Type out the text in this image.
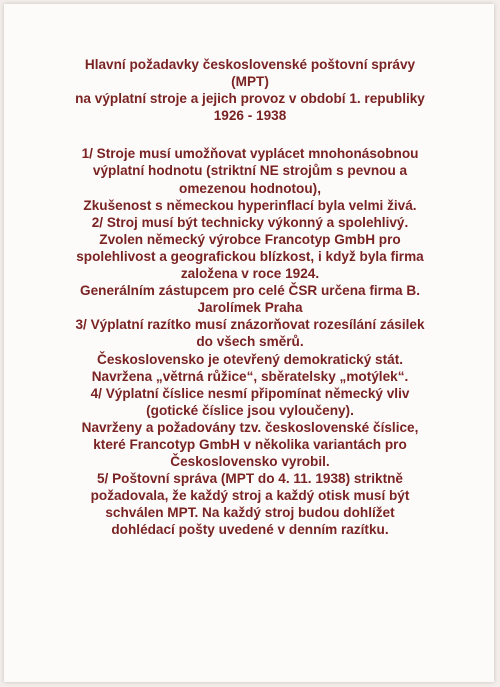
Hlavní požadavky československé poštovní správy

(MPT)

na výplatní stroje a jejich provoz v období 1. republiky

1926 - 1938

1/ Stroje musí umožňovat vyplácet mnohonásobnou

výplatní hodnotu (striktní NE strojům s pevnou a

omezenou hodnotou),

Zkušenost s německou hyperinflací byla velmi živá.

2/ Stroj musí být technicky výkonný a spolehlivý.

Zvolen německý výrobce Francotyp GmbH pro

spolehlivost a geografickou blízkost, i když byla firma

založena v roce 1924.

Generálním zástupcem pro celé ČSR určena firma B.

Jarolímek Praha

3/ Výplatní razítko musí znázorňovat rozesílání zásilek

do všech směrů.

Československo je otevřený demokratický stát.

Navržena „větrná růžice“, sběratelsky „motýlek“.

4/ Výplatní číslice nesmí připomínat německý vliv

(gotické číslice jsou vyloučeny).

Navrženy a požadovány tzv. československé číslice,

které Francotyp GmbH v několika variantách pro

Československo vyrobil.

5/ Poštovní správa (MPT do 4. 11. 1938) striktně

požadovala, že každý stroj a každý otisk musí být

schválen MPT. Na každý stroj budou dohlížet

dohlédací pošty uvedené v denním razítku.
